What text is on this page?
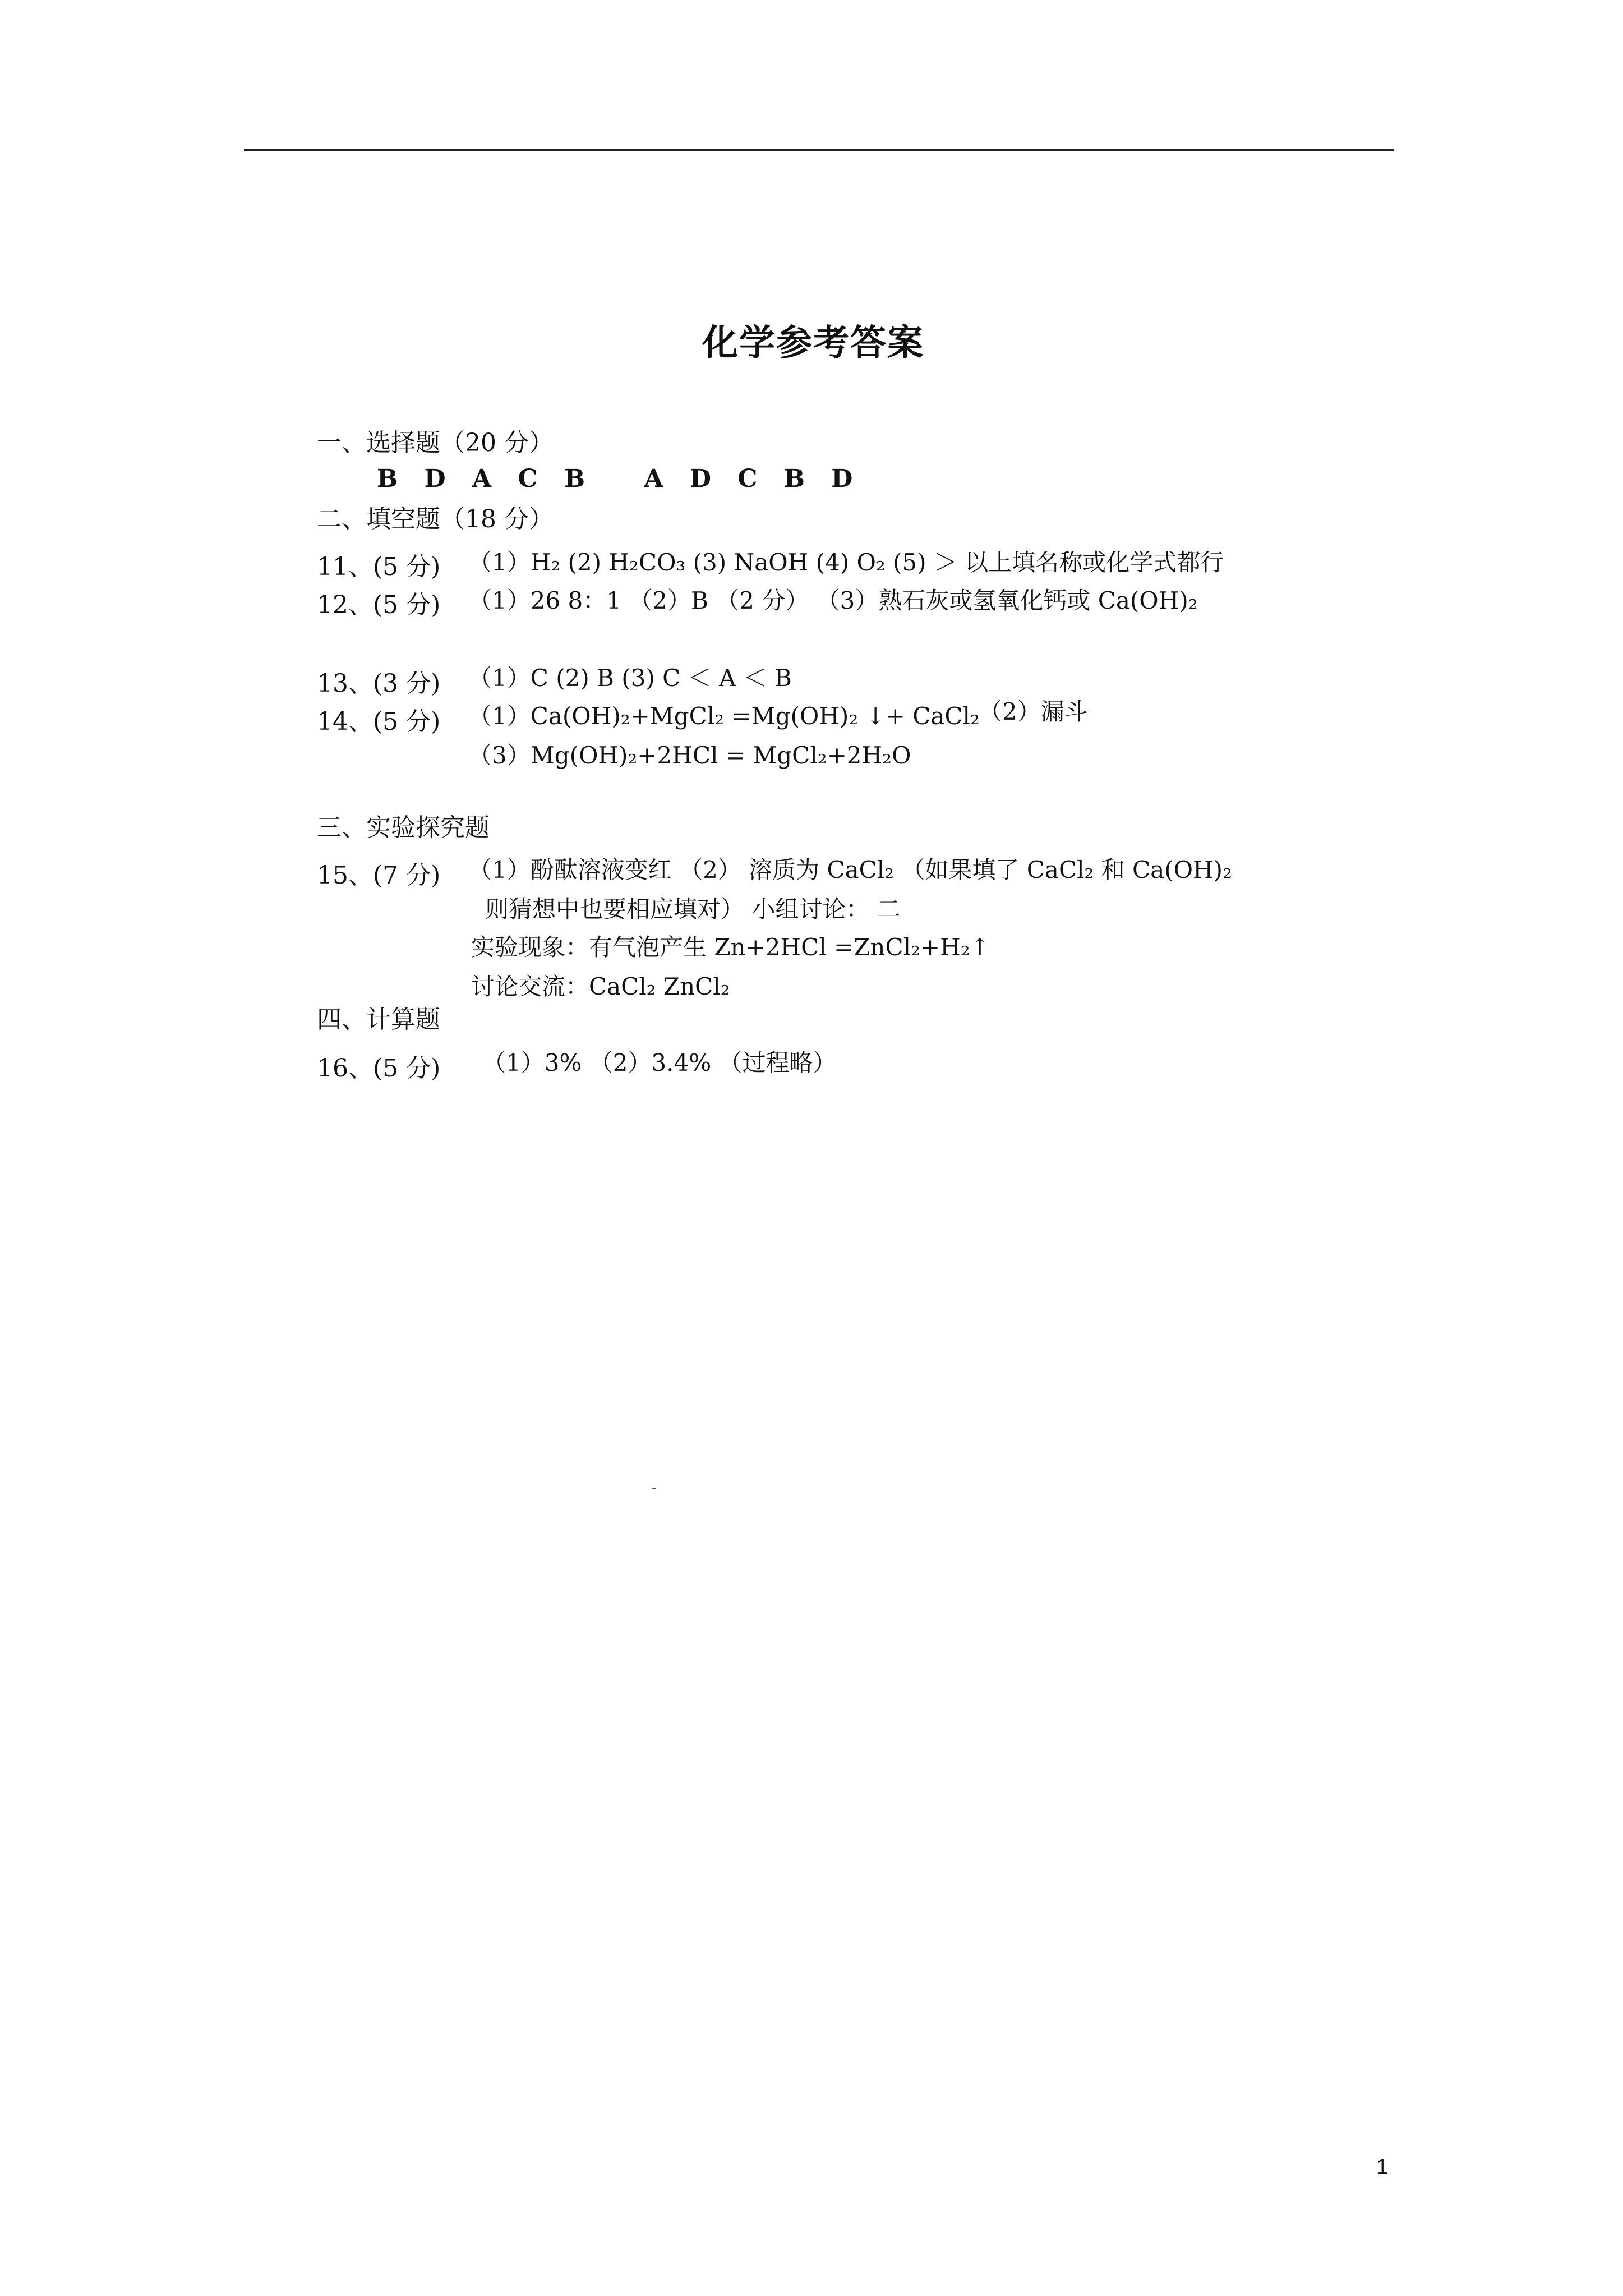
化学参考答案
一、选择题（20 分）
B D A C B A D C B D
二、填空题（18 分）
11、(5 分) （1）H₂ (2) H₂CO₃ (3) NaOH (4) O₂ (5) ＞ 以上填名称或化学式都行
12、(5 分) （1）26 8：1 （2）B （2 分） （3）熟石灰或氢氧化钙或 Ca(OH)₂
13、(3 分) （1）C (2) B (3) C ＜ A ＜ B
14、(5 分) （1）Ca(OH)₂+MgCl₂ =Mg(OH)₂ ↓+ CaCl₂
（2）漏斗
（3）Mg(OH)₂+2HCl = MgCl₂+2H₂O
三、实验探究题
15、(7 分) （1）酚酞溶液变红 （2） 溶质为 CaCl₂ （如果填了 CaCl₂ 和 Ca(OH)₂
则猜想中也要相应填对） 小组讨论： 二
实验现象：有气泡产生 Zn+2HCl =ZnCl₂+H₂↑
讨论交流：CaCl₂ ZnCl₂
四、计算题
16、(5 分) （1）3% （2）3.4% （过程略）
1
